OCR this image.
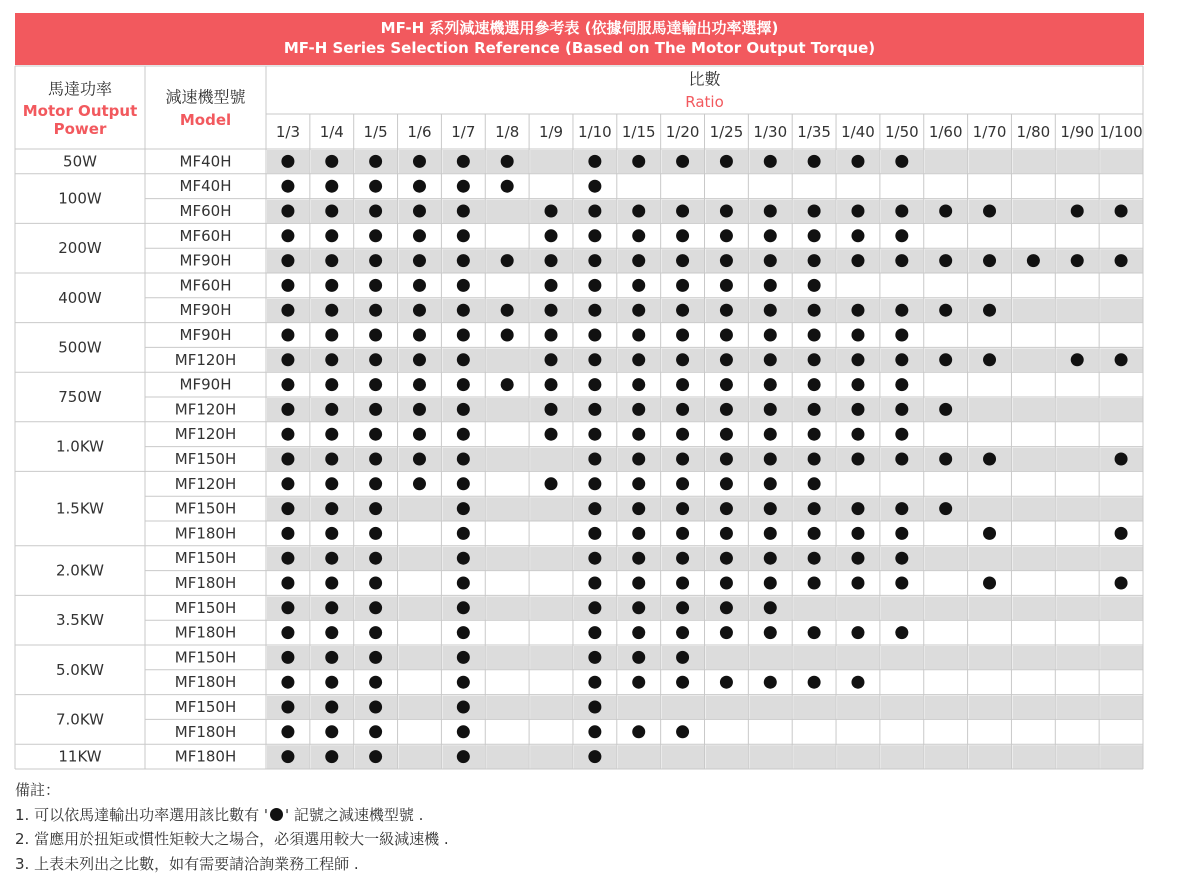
MF-H 系列減速機選用參考表 (依據伺服馬達輸出功率選擇)
MF-H Series Selection Reference (Based on The Motor Output Torque)
馬達功率
Motor Output
Power
減速機型號
Model
比數
Ratio
1/3 1/4 1/5 1/6 1/7 1/8 1/9 1/10 1/15 1/20 1/25 1/30 1/35 1/40 1/50 1/60 1/70 1/80 1/90 1/100
50W
100W
200W
400W
500W
750W
1.0KW
1.5KW
2.0KW
3.5KW
5.0KW
7.0KW
11KW
MF40H
MF40H
MF60H
MF60H
MF90H
MF60H
MF90H
MF90H
MF120H
MF90H
MF120H
MF120H
MF150H
MF120H
MF150H
MF180H
MF150H
MF180H
MF150H
MF180H
MF150H
MF180H
MF150H
MF180H
MF180H
備註：
1. 可以依馬達輸出功率選用該比數有 ' ' 記號之減速機型號 .
2. 當應用於扭矩或慣性矩較大之場合，必須選用較大一級減速機 .
3. 上表未列出之比數，如有需要請洽詢業務工程師 .
